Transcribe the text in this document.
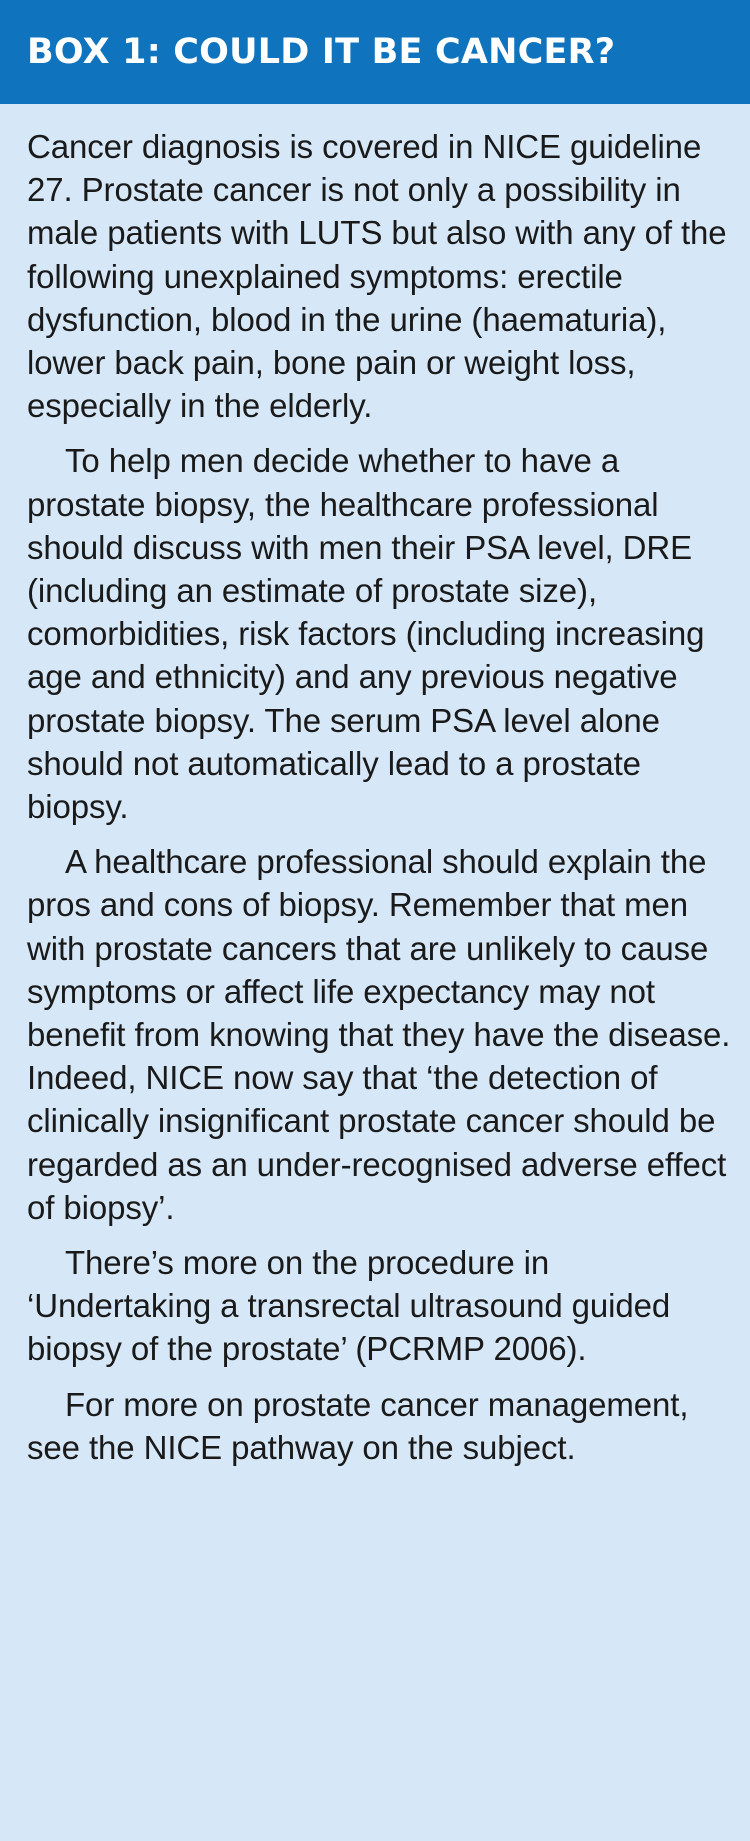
BOX 1: COULD IT BE CANCER?

Cancer diagnosis is covered in NICE guideline 27. Prostate cancer is not only a possibility in male patients with LUTS but also with any of the following unexplained symptoms: erectile dysfunction, blood in the urine (haematuria), lower back pain, bone pain or weight loss, especially in the elderly.

To help men decide whether to have a prostate biopsy, the healthcare professional should discuss with men their PSA level, DRE (including an estimate of prostate size), comorbidities, risk factors (including increasing age and ethnicity) and any previous negative prostate biopsy. The serum PSA level alone should not automatically lead to a prostate biopsy.

A healthcare professional should explain the pros and cons of biopsy. Remember that men with prostate cancers that are unlikely to cause symptoms or affect life expectancy may not benefit from knowing that they have the disease. Indeed, NICE now say that ‘the detection of clinically insignificant prostate cancer should be regarded as an under-recognised adverse effect of biopsy’.

There’s more on the procedure in ‘Undertaking a transrectal ultrasound guided biopsy of the prostate’ (PCRMP 2006).

For more on prostate cancer management, see the NICE pathway on the subject.
